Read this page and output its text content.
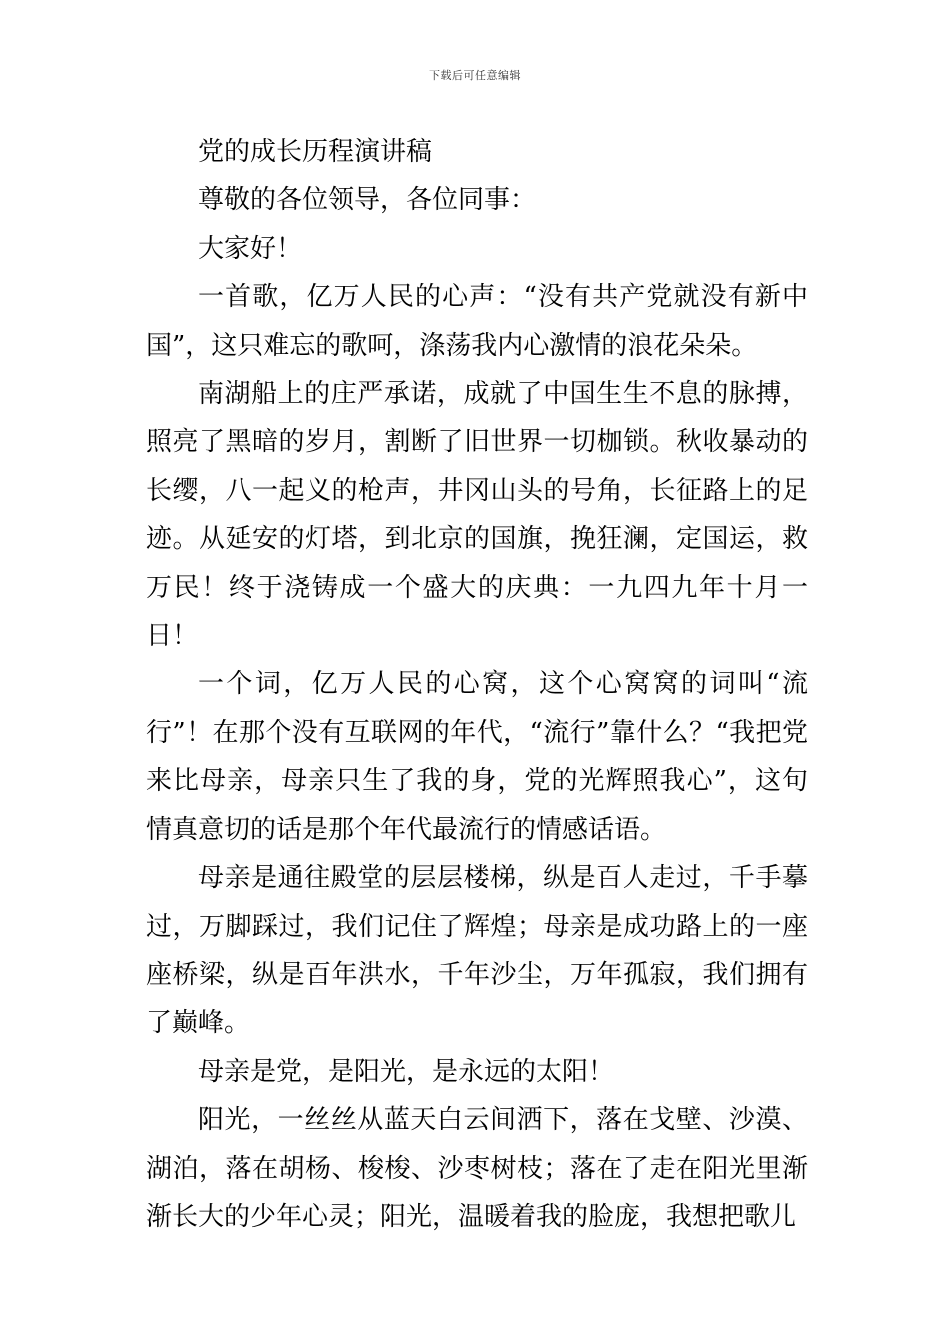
下载后可任意编辑

党的成长历程演讲稿

尊敬的各位领导，各位同事：

大家好！

一首歌，亿万人民的心声：“没有共产党就没有新中国”，这只难忘的歌呵，涤荡我内心激情的浪花朵朵。

南湖船上的庄严承诺，成就了中国生生不息的脉搏，照亮了黑暗的岁月，割断了旧世界一切枷锁。秋收暴动的长缨，八一起义的枪声，井冈山头的号角，长征路上的足迹。从延安的灯塔，到北京的国旗，挽狂澜，定国运，救万民！终于浇铸成一个盛大的庆典：一九四九年十月一日！

一个词，亿万人民的心窝，这个心窝窝的词叫“流行”！在那个没有互联网的年代，“流行”靠什么？“我把党来比母亲，母亲只生了我的身，党的光辉照我心”，这句情真意切的话是那个年代最流行的情感话语。

母亲是通往殿堂的层层楼梯，纵是百人走过，千手摹过，万脚踩过，我们记住了辉煌；母亲是成功路上的一座座桥梁，纵是百年洪水，千年沙尘，万年孤寂，我们拥有了巅峰。

母亲是党，是阳光，是永远的太阳！

阳光，一丝丝从蓝天白云间洒下，落在戈壁、沙漠、湖泊，落在胡杨、梭梭、沙枣树枝；落在了走在阳光里渐渐长大的少年心灵；阳光，温暖着我的脸庞，我想把歌儿
